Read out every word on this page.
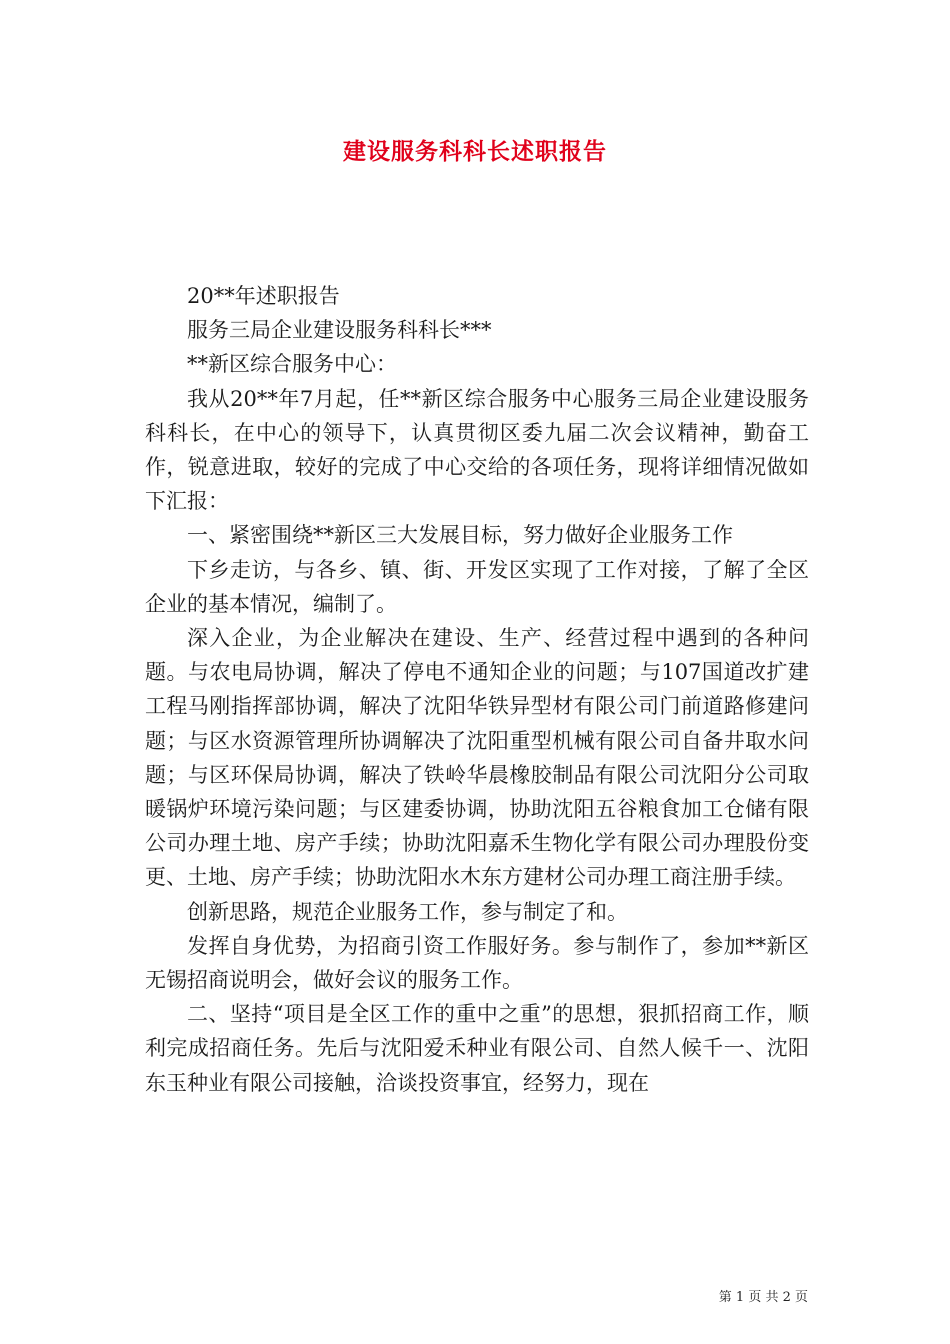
建设服务科科长述职报告

20**年述职报告

服务三局企业建设服务科科长***

**新区综合服务中心：

我从20**年7月起，任**新区综合服务中心服务三局企业建设服务科科长，在中心的领导下，认真贯彻区委九届二次会议精神，勤奋工作，锐意进取，较好的完成了中心交给的各项任务，现将详细情况做如下汇报：

一、紧密围绕**新区三大发展目标，努力做好企业服务工作

下乡走访，与各乡、镇、街、开发区实现了工作对接，了解了全区企业的基本情况，编制了。

深入企业，为企业解决在建设、生产、经营过程中遇到的各种问题。与农电局协调，解决了停电不通知企业的问题；与107国道改扩建工程马刚指挥部协调，解决了沈阳华铁异型材有限公司门前道路修建问题；与区水资源管理所协调解决了沈阳重型机械有限公司自备井取水问题；与区环保局协调，解决了铁岭华晨橡胶制品有限公司沈阳分公司取暖锅炉环境污染问题；与区建委协调，协助沈阳五谷粮食加工仓储有限公司办理土地、房产手续；协助沈阳嘉禾生物化学有限公司办理股份变更、土地、房产手续；协助沈阳水木东方建材公司办理工商注册手续。

创新思路，规范企业服务工作，参与制定了和。

发挥自身优势，为招商引资工作服好务。参与制作了，参加**新区无锡招商说明会，做好会议的服务工作。

二、坚持“项目是全区工作的重中之重”的思想，狠抓招商工作，顺利完成招商任务。先后与沈阳爱禾种业有限公司、自然人候千一、沈阳东玉种业有限公司接触，洽谈投资事宜，经努力，现在

第 1 页 共 2 页
